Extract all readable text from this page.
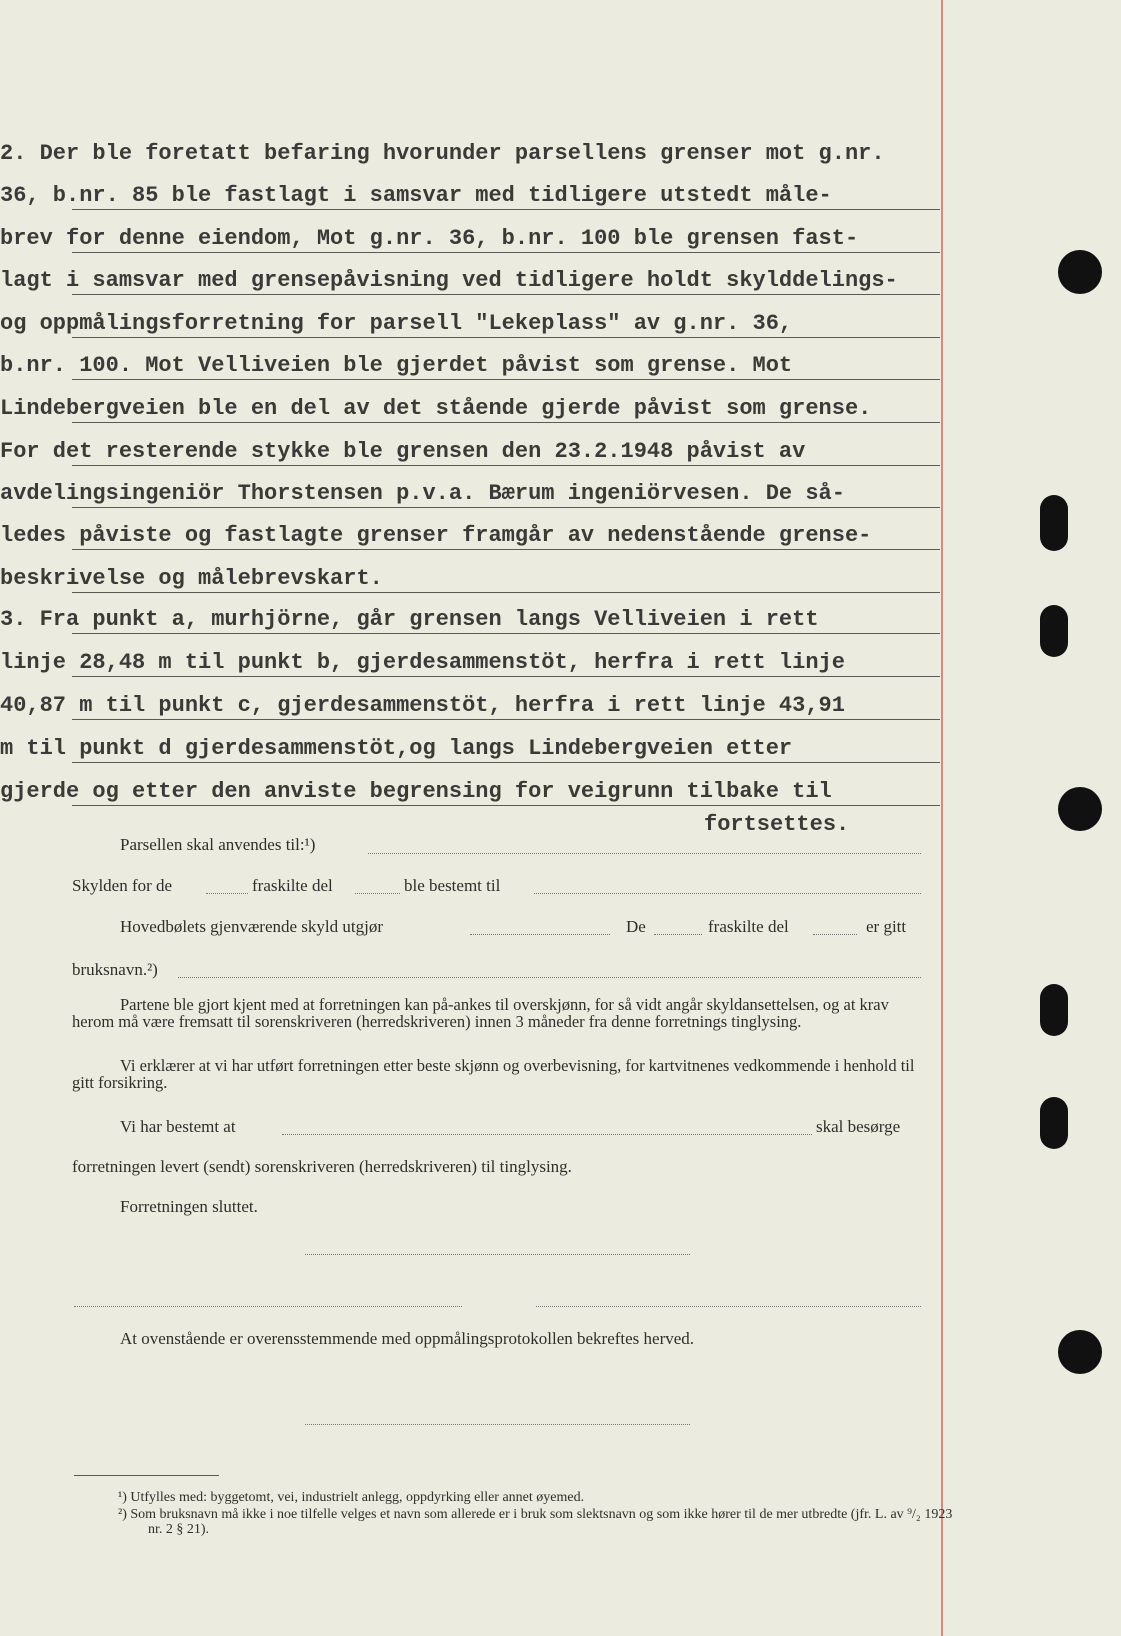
2. Der ble foretatt befaring hvorunder parsellens grenser mot g.nr.
36, b.nr. 85 ble fastlagt i samsvar med tidligere utstedt måle-
brev for denne eiendom, Mot g.nr. 36, b.nr. 100 ble grensen fast-
lagt i samsvar med grensepåvisning ved tidligere holdt skylddelings-
og oppmålingsforretning for parsell "Lekeplass" av g.nr. 36,
b.nr. 100. Mot Velliveien ble gjerdet påvist som grense. Mot
Lindebergveien ble en del av det stående gjerde påvist som grense.
For det resterende stykke ble grensen den 23.2.1948 påvist av
avdelingsingeniör Thorstensen p.v.a. Bærum ingeniörvesen. De så-
ledes påviste og fastlagte grenser framgår av nedenstående grense-
beskrivelse og målebrevskart.
3. Fra punkt a, murhjörne, går grensen langs Velliveien i rett
linje 28,48 m til punkt b, gjerdesammenstöt, herfra i rett linje
40,87 m til punkt c, gjerdesammenstöt, herfra i rett linje 43,91
m til punkt d gjerdesammenstöt,og langs Lindebergveien etter
gjerde og etter den anviste begrensing for veigrunn tilbake til
fortsettes.
Parsellen skal anvendes til:¹)
Skylden for de	fraskilte del	ble bestemt til
Hovedbølets gjenværende skyld utgjør	De	fraskilte del	er gitt
bruksnavn.²)
Partene ble gjort kjent med at forretningen kan på-ankes til overskjønn, for så vidt angår skyldansettelsen, og at krav herom må være fremsatt til sorenskriveren (herredskriveren) innen 3 måneder fra denne forretnings tinglysing.
Vi erklærer at vi har utført forretningen etter beste skjønn og overbevisning, for kartvitnenes vedkommende i henhold til gitt forsikring.
Vi har bestemt at	skal besørge
forretningen levert (sendt) sorenskriveren (herredskriveren) til tinglysing.
Forretningen sluttet.
At ovenstående er overensstemmende med oppmålingsprotokollen bekreftes herved.
¹) Utfylles med: byggetomt, vei, industrielt anlegg, oppdyrking eller annet øyemed.
²) Som bruksnavn må ikke i noe tilfelle velges et navn som allerede er i bruk som slektsnavn og som ikke hører til de mer utbredte (jfr. L. av ⁹/₂ 1923 nr. 2 § 21).
